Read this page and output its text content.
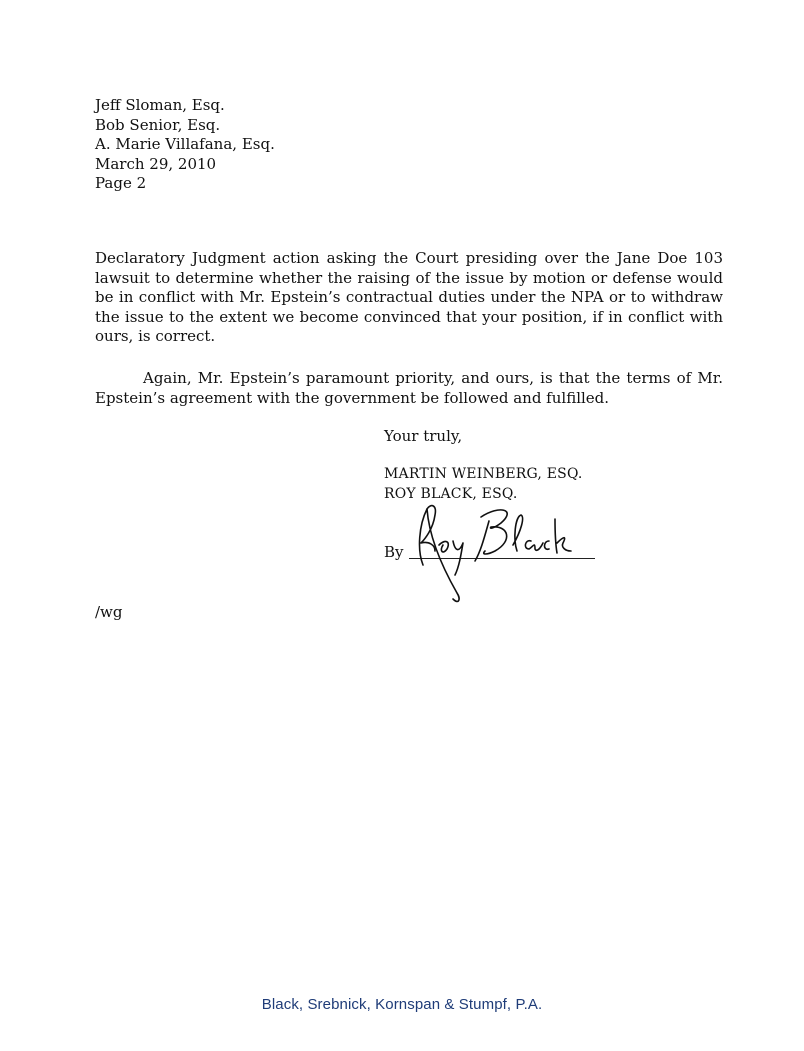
Jeff Sloman, Esq.
Bob Senior, Esq.
A. Marie Villafana, Esq.
March 29, 2010
Page 2
Declaratory Judgment action asking the Court presiding over the Jane Doe 103 lawsuit to determine whether the raising of the issue by motion or defense would be in conflict with Mr. Epstein’s contractual duties under the NPA or to withdraw the issue to the extent we become convinced that your position, if in conflict with ours, is correct.
Again, Mr. Epstein’s paramount priority, and ours, is that the terms of Mr. Epstein’s agreement with the government be followed and fulfilled.
Your truly,
MARTIN WEINBERG, ESQ.
ROY BLACK, ESQ.
By
/wg
Black, Srebnick, Kornspan & Stumpf, P.A.
